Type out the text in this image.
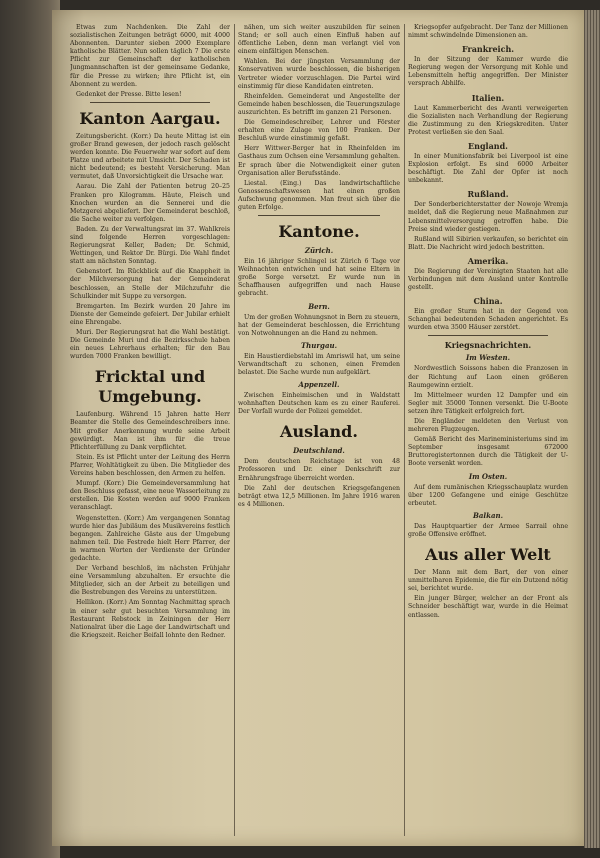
Etwas zum Nachdenken. Die Zahl der sozialistischen Zeitungen beträgt 6000, mit 4000 Abonnenten. Darunter sieben 2000 Exemplare katholische Blätter. Nun sollen täglich 7 Die erste Pflicht zur Gemeinschaft der katholischen Jungmannschaften ist der gemeinsame Gedanke, für die Presse zu wirken; ihre Pflicht ist, ein Abonnent zu werden.

Gedenket der Presse. Bitte lesen!

Kanton Aargau.

Zeitungsbericht. (Korr.) Da heute Mittag ist ein großer Brand gewesen, der jedoch rasch gelöscht werden konnte. Die Feuerwehr war sofort auf dem Platze und arbeitete mit Umsicht. Der Schaden ist nicht bedeutend; es besteht Versicherung. Man vermutet, daß Unvorsichtigkeit die Ursache war.

Aarau. Die Zahl der Patienten betrug 20–25 Franken pro Kilogramm. Häute, Fleisch und Knochen wurden an die Sennerei und die Metzgerei abgeliefert. Der Gemeinderat beschloß, die Sache weiter zu verfolgen.

Baden. Zu der Verwaltungsrat im 37. Wahlkreis sind folgende Herren vorgeschlagen: Regierungsrat Keller, Baden; Dr. Schmid, Wettingen, und Rektor Dr. Bürgi. Die Wahl findet statt am nächsten Sonntag.

Gebenstorf. Im Rückblick auf die Knappheit in der Milchversorgung hat der Gemeinderat beschlossen, an Stelle der Milchzufuhr die Schulkinder mit Suppe zu versorgen.

Bremgarten. Im Bezirk wurden 20 Jahre im Dienste der Gemeinde gefeiert. Der Jubilar erhielt eine Ehrengabe.

Muri. Der Regierungsrat hat die Wahl bestätigt. Die Gemeinde Muri und die Bezirksschule haben ein neues Lehrerhaus erhalten; für den Bau wurden 7000 Franken bewilligt.

Fricktal und Umgebung.

Laufenburg. Während 15 Jahren hatte Herr Beamter die Stelle des Gemeindeschreibers inne. Mit großer Anerkennung wurde seine Arbeit gewürdigt. Man ist ihm für die treue Pflichterfüllung zu Dank verpflichtet.

Stein. Es ist Pflicht unter der Leitung des Herrn Pfarrer, Wohltätigkeit zu üben. Die Mitglieder des Vereins haben beschlossen, den Armen zu helfen.

Mumpf. (Korr.) Die Gemeindeversammlung hat den Beschluss gefasst, eine neue Wasserleitung zu erstellen. Die Kosten werden auf 9000 Franken veranschlagt.

Wegenstetten. (Korr.) Am vergangenen Sonntag wurde hier das Jubiläum des Musikvereins festlich begangen. Zahlreiche Gäste aus der Umgebung nahmen teil. Die Festrede hielt Herr Pfarrer, der in warmen Worten der Verdienste der Gründer gedachte.

Der Verband beschloß, im nächsten Frühjahr eine Versammlung abzuhalten. Er ersuchte die Mitglieder, sich an der Arbeit zu beteiligen und die Bestrebungen des Vereins zu unterstützen.

Hellikon. (Korr.) Am Sonntag Nachmittag sprach in einer sehr gut besuchten Versammlung im Restaurant Rebstock in Zeiningen der Herr Nationalrat über die Lage der Landwirtschaft und die Kriegszeit. Reicher Beifall lohnte den Redner.

nähen, um sich weiter auszubilden für seinen Stand; er soll auch einen Einfluß haben auf öffentliche Leben, denn man verlangt viel von einem einfältigen Menschen.

Wahlen. Bei der jüngsten Versammlung der Konservativen wurde beschlossen, die bisherigen Vertreter wieder vorzuschlagen. Die Partei wird einstimmig für diese Kandidaten eintreten.

Rheinfelden. Gemeinderat und Angestellte der Gemeinde haben beschlossen, die Teuerungszulage auszurichten. Es betrifft im ganzen 21 Personen.

Die Gemeindeschreiber, Lehrer und Förster erhalten eine Zulage von 100 Franken. Der Beschluß wurde einstimmig gefaßt.

Herr Wittwer-Berger hat in Rheinfelden im Gasthaus zum Ochsen eine Versammlung gehalten. Er sprach über die Notwendigkeit einer guten Organisation aller Berufsstände.

Liestal. (Eing.) Das landwirtschaftliche Genossenschaftswesen hat einen großen Aufschwung genommen. Man freut sich über die guten Erfolge.

Kantone.
Zürich.

Ein 16 jähriger Schlingel ist Zürich 6 Tage vor Weihnachten entwichen und hat seine Eltern in große Sorge versetzt. Er wurde nun in Schaffhausen aufgegriffen und nach Hause gebracht.

Bern.

Um der großen Wohnungsnot in Bern zu steuern, hat der Gemeinderat beschlossen, die Errichtung von Notwohnungen an die Hand zu nehmen.

Thurgau.

Ein Haustierdiebstahl im Amriswil hat, um seine Verwandtschaft zu schonen, einen Fremden belastet. Die Sache wurde nun aufgeklärt.

Appenzell.

Zwischen Einheimischen und in Waldstatt wohnhaften Deutschen kam es zu einer Rauferei. Der Vorfall wurde der Polizei gemeldet.

Ausland.
Deutschland.

Dem deutschen Reichstage ist von 48 Professoren und Dr. einer Denkschrift zur Ernährungsfrage überreicht worden.

Die Zahl der deutschen Kriegsgefangenen beträgt etwa 12,5 Millionen. Im Jahre 1916 waren es 4 Millionen.

Kriegsopfer aufgebracht. Der Tanz der Millionen nimmt schwindelnde Dimensionen an.

Frankreich.

In der Sitzung der Kammer wurde die Regierung wegen der Versorgung mit Kohle und Lebensmitteln heftig angegriffen. Der Minister versprach Abhilfe.

Italien.

Laut Kammerbericht des Avanti verweigerten die Sozialisten nach Verhandlung der Regierung die Zustimmung zu den Kriegskrediten. Unter Protest verließen sie den Saal.

England.

In einer Munitionsfabrik bei Liverpool ist eine Explosion erfolgt. Es sind 6000 Arbeiter beschäftigt. Die Zahl der Opfer ist noch unbekannt.

Rußland.

Der Sonderberichterstatter der Nowoje Wremja meldet, daß die Regierung neue Maßnahmen zur Lebensmittelversorgung getroffen habe. Die Preise sind wieder gestiegen.

Rußland will Sibirien verkaufen, so berichtet ein Blatt. Die Nachricht wird jedoch bestritten.

Amerika.

Die Regierung der Vereinigten Staaten hat alle Verbindungen mit dem Ausland unter Kontrolle gestellt.

China.

Ein großer Sturm hat in der Gegend von Schanghai bedeutenden Schaden angerichtet. Es wurden etwa 3500 Häuser zerstört.

Kriegsnachrichten.
Im Westen.

Nordwestlich Soissons haben die Franzosen in der Richtung auf Laon einen größeren Raumgewinn erzielt.

Im Mittelmeer wurden 12 Dampfer und ein Segler mit 35000 Tonnen versenkt. Die U-Boote setzen ihre Tätigkeit erfolgreich fort.

Die Engländer meldeten den Verlust von mehreren Flugzeugen.

Gemäß Bericht des Marineministeriums sind im September insgesamt 672000 Bruttoregistertonnen durch die Tätigkeit der U-Boote versenkt worden.

Im Osten.

Auf dem rumänischen Kriegsschauplatz wurden über 1200 Gefangene und einige Geschütze erbeutet.

Balkan.

Das Hauptquartier der Armee Sarrail ohne große Offensive eröffnet.

Aus aller Welt

Der Mann mit dem Bart, der von einer unmittelbaren Epidemie, die für ein Dutzend nötig sei, berichtet wurde.

Ein junger Bürger, welcher an der Front als Schneider beschäftigt war, wurde in die Heimat entlassen.
